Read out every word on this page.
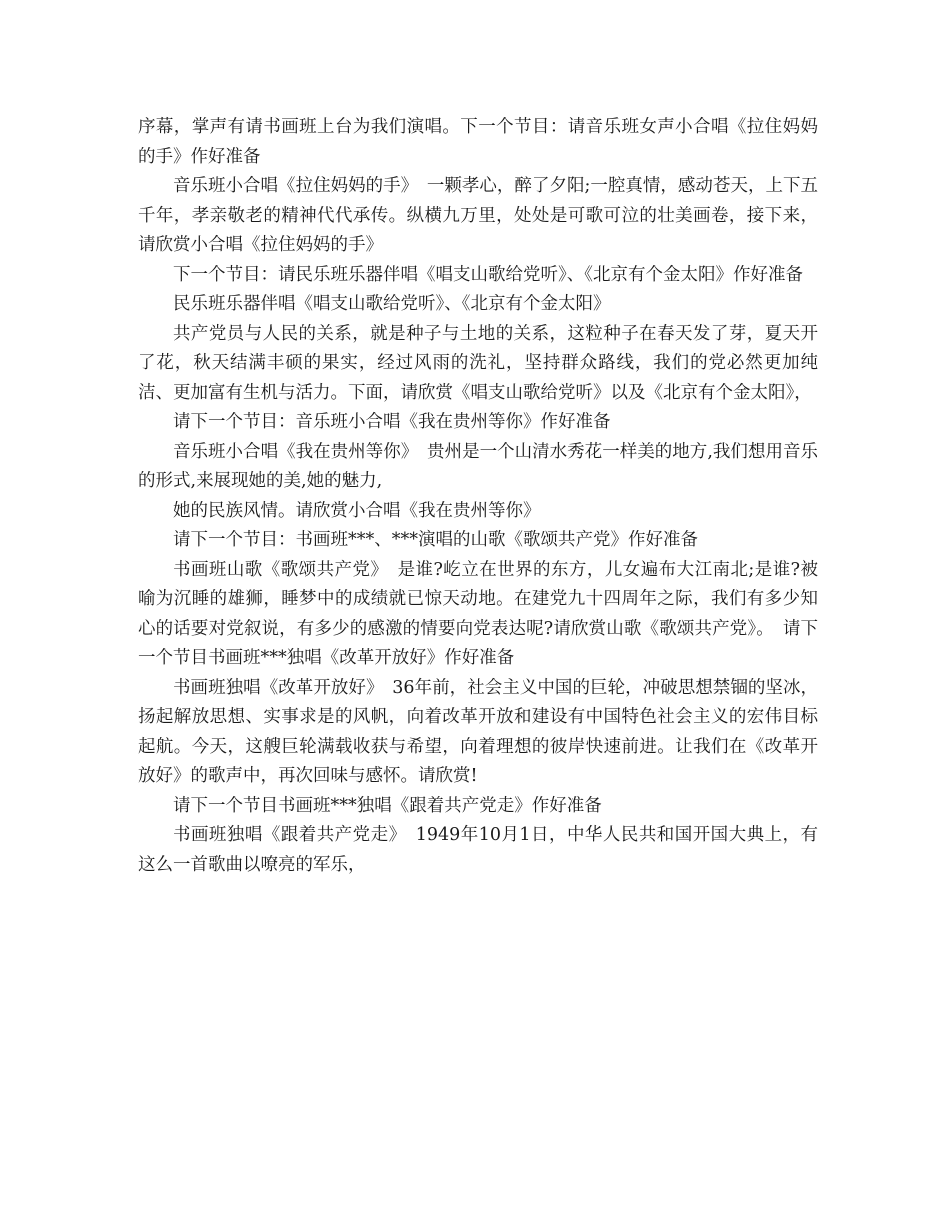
序幕，掌声有请书画班上台为我们演唱。下一个节目：请音乐班女声小合唱《拉住妈妈的手》作好准备

音乐班小合唱《拉住妈妈的手》　一颗孝心，醉了夕阳;一腔真情，感动苍天，上下五千年，孝亲敬老的精神代代承传。纵横九万里，处处是可歌可泣的壮美画卷，接下来，请欣赏小合唱《拉住妈妈的手》

下一个节目：请民乐班乐器伴唱《唱支山歌给党听》、《北京有个金太阳》作好准备

民乐班乐器伴唱《唱支山歌给党听》、《北京有个金太阳》

共产党员与人民的关系，就是种子与土地的关系，这粒种子在春天发了芽，夏天开了花，秋天结满丰硕的果实，经过风雨的洗礼，坚持群众路线，我们的党必然更加纯洁、更加富有生机与活力。下面，请欣赏《唱支山歌给党听》以及《北京有个金太阳》，

请下一个节目：音乐班小合唱《我在贵州等你》作好准备

音乐班小合唱《我在贵州等你》　贵州是一个山清水秀花一样美的地方,我们想用音乐的形式,来展现她的美,她的魅力,

她的民族风情。请欣赏小合唱《我在贵州等你》

请下一个节目：书画班***、***演唱的山歌《歌颂共产党》作好准备

书画班山歌《歌颂共产党》　是谁?屹立在世界的东方，儿女遍布大江南北;是谁?被喻为沉睡的雄狮，睡梦中的成绩就已惊天动地。在建党九十四周年之际，我们有多少知心的话要对党叙说，有多少的感激的情要向党表达呢?请欣赏山歌《歌颂共产党》。　请下一个节目书画班***独唱《改革开放好》作好准备

书画班独唱《改革开放好》　36年前，社会主义中国的巨轮，冲破思想禁锢的坚冰，扬起解放思想、实事求是的风帆，向着改革开放和建设有中国特色社会主义的宏伟目标起航。今天，这艘巨轮满载收获与希望，向着理想的彼岸快速前进。让我们在《改革开放好》的歌声中，再次回味与感怀。请欣赏!

请下一个节目书画班***独唱《跟着共产党走》作好准备

书画班独唱《跟着共产党走》　1949年10月1日，中华人民共和国开国大典上，有这么一首歌曲以嘹亮的军乐，
